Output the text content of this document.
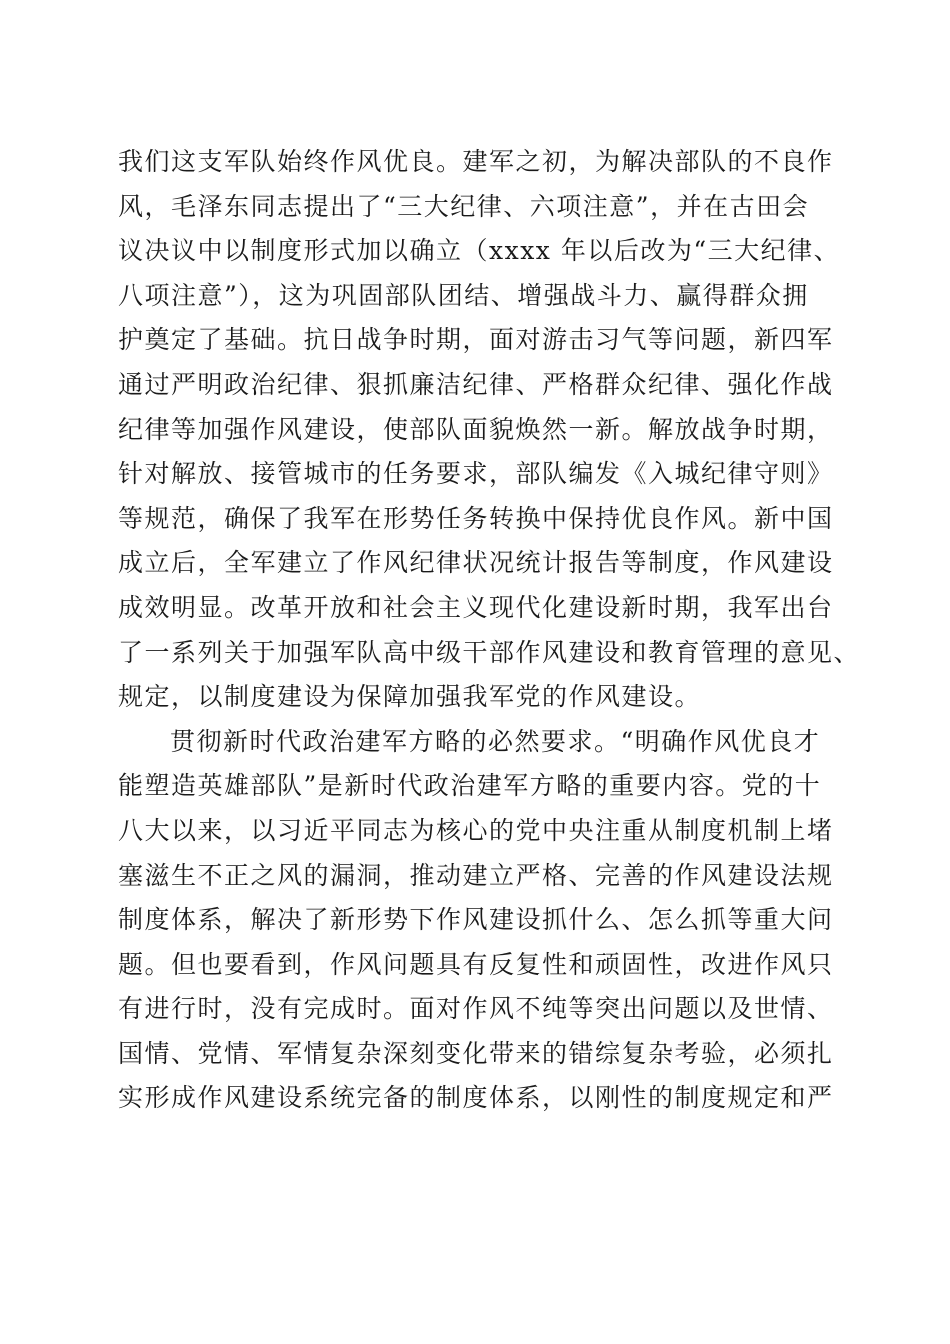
我们这支军队始终作风优良。建军之初，为解决部队的不良作
风，毛泽东同志提出了“三大纪律、六项注意”，并在古田会
议决议中以制度形式加以确立（xxxx 年以后改为“三大纪律、
八项注意”），这为巩固部队团结、增强战斗力、赢得群众拥
护奠定了基础。抗日战争时期，面对游击习气等问题，新四军
通过严明政治纪律、狠抓廉洁纪律、严格群众纪律、强化作战
纪律等加强作风建设，使部队面貌焕然一新。解放战争时期，
针对解放、接管城市的任务要求，部队编发《入城纪律守则》
等规范，确保了我军在形势任务转换中保持优良作风。新中国
成立后，全军建立了作风纪律状况统计报告等制度，作风建设
成效明显。改革开放和社会主义现代化建设新时期，我军出台
了一系列关于加强军队高中级干部作风建设和教育管理的意见、
规定，以制度建设为保障加强我军党的作风建设。
贯彻新时代政治建军方略的必然要求。“明确作风优良才
能塑造英雄部队”是新时代政治建军方略的重要内容。党的十
八大以来，以习近平同志为核心的党中央注重从制度机制上堵
塞滋生不正之风的漏洞，推动建立严格、完善的作风建设法规
制度体系，解决了新形势下作风建设抓什么、怎么抓等重大问
题。但也要看到，作风问题具有反复性和顽固性，改进作风只
有进行时，没有完成时。面对作风不纯等突出问题以及世情、
国情、党情、军情复杂深刻变化带来的错综复杂考验，必须扎
实形成作风建设系统完备的制度体系，以刚性的制度规定和严
